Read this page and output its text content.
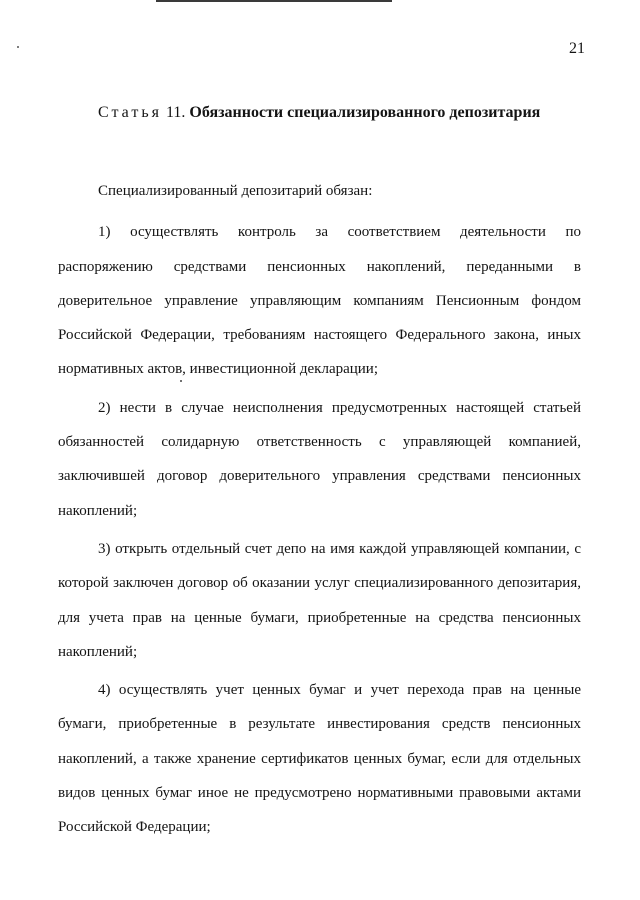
21
Статья 11. Обязанности специализированного депозитария

Специализированный депозитарий обязан:

1) осуществлять контроль за соответствием деятельности по распоряжению средствами пенсионных накоплений, переданными в доверительное управление управляющим компаниям Пенсионным фондом Российской Федерации, требованиям настоящего Федерального закона, иных нормативных актов, инвестиционной декларации;

2) нести в случае неисполнения предусмотренных настоящей статьей обязанностей солидарную ответственность с управляющей компанией, заключившей договор доверительного управления средствами пенсионных накоплений;

3) открыть отдельный счет депо на имя каждой управляющей компании, с которой заключен договор об оказании услуг специализированного депозитария, для учета прав на ценные бумаги, приобретенные на средства пенсионных накоплений;

4) осуществлять учет ценных бумаг и учет перехода прав на ценные бумаги, приобретенные в результате инвестирования средств пенсионных накоплений, а также хранение сертификатов ценных бумаг, если для отдельных видов ценных бумаг иное не предусмотрено нормативными правовыми актами Российской Федерации;
